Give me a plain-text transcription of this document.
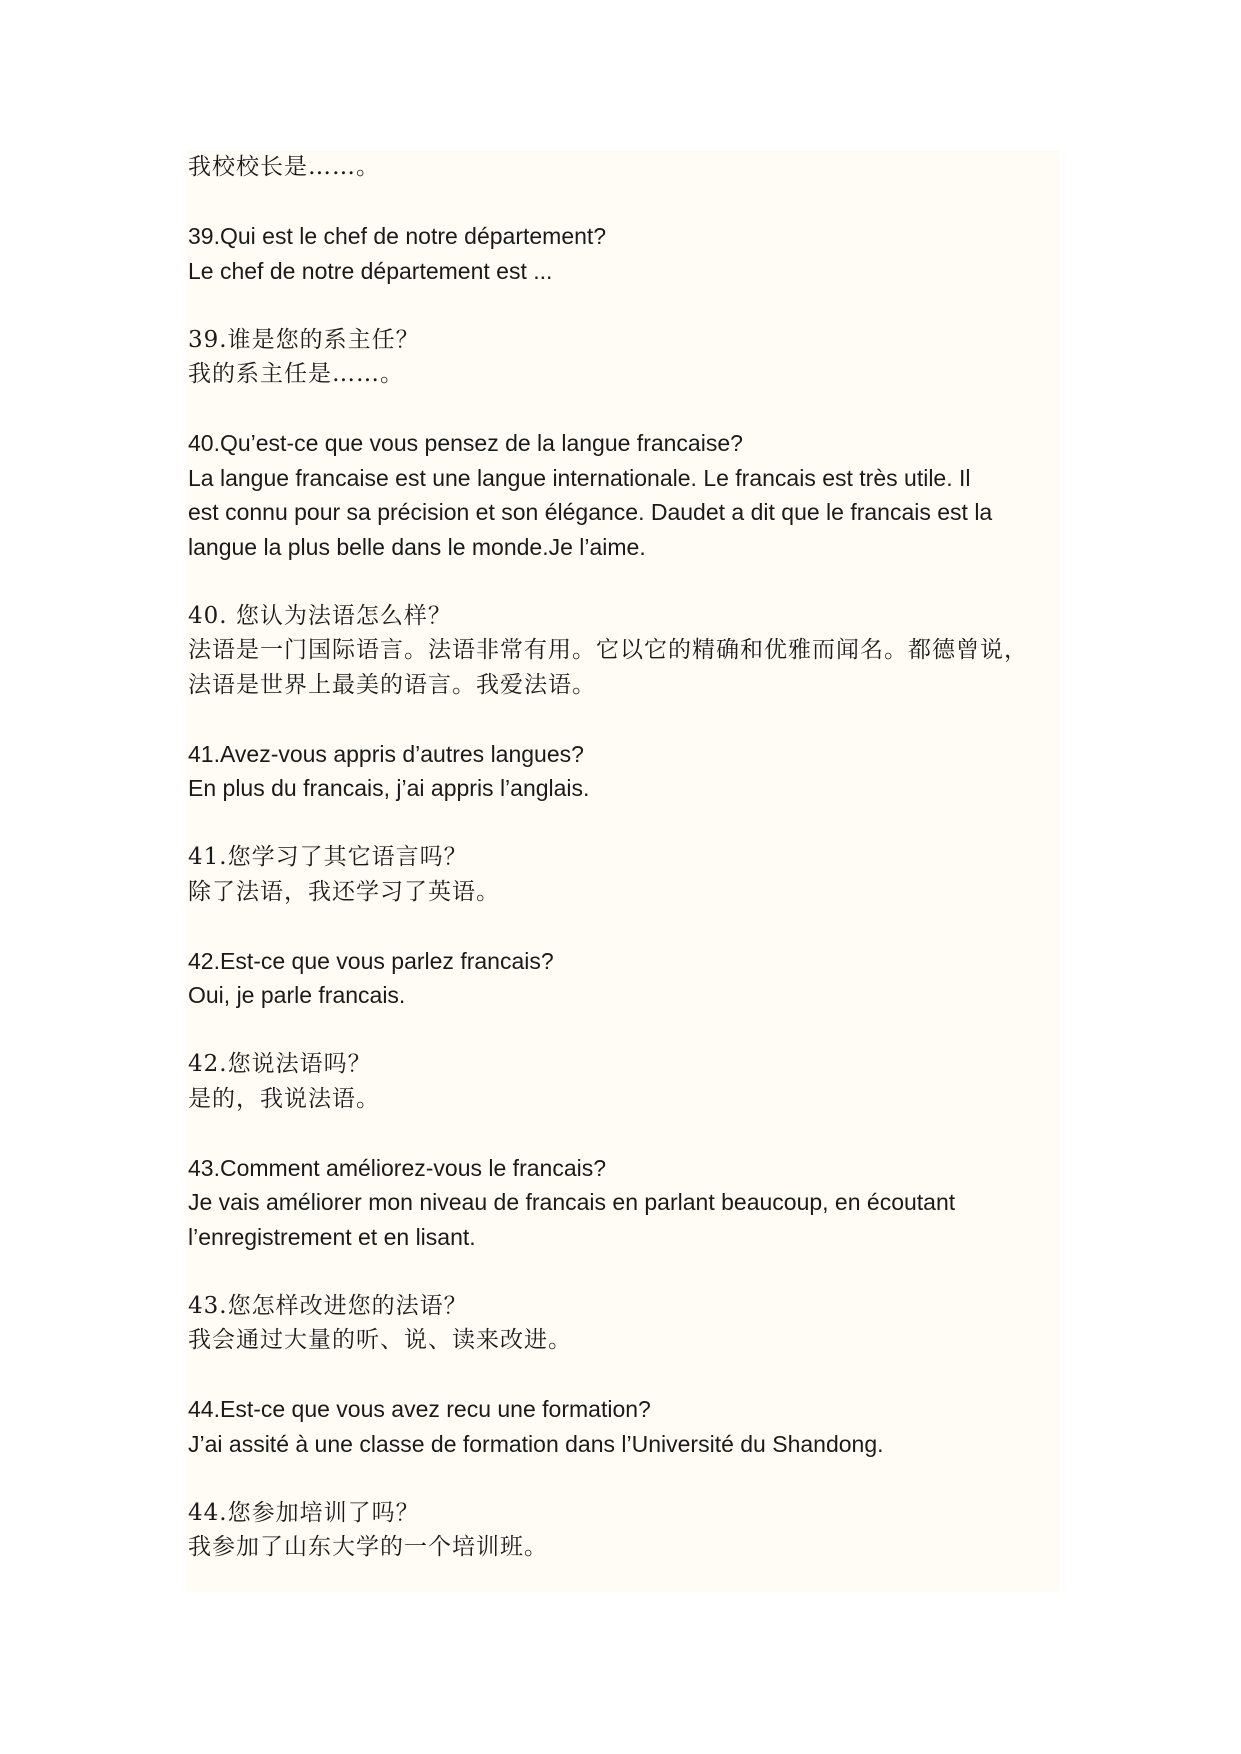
我校校长是……。
39.Qui est le chef de notre département?
Le chef de notre département est ...
39.谁是您的系主任？
我的系主任是……。
40.Qu’est-ce que vous pensez de la langue francaise?
La langue francaise est une langue internationale. Le francais est très utile. Il
est connu pour sa précision et son élégance. Daudet a dit que le francais est la
langue la plus belle dans le monde.Je l’aime.
40. 您认为法语怎么样？
法语是一门国际语言。法语非常有用。它以它的精确和优雅而闻名。都德曾说，
法语是世界上最美的语言。我爱法语。
41.Avez-vous appris d’autres langues?
En plus du francais, j’ai appris l’anglais.
41.您学习了其它语言吗？
除了法语，我还学习了英语。
42.Est-ce que vous parlez francais?
Oui, je parle francais.
42.您说法语吗？
是的，我说法语。
43.Comment améliorez-vous le francais?
Je vais améliorer mon niveau de francais en parlant beaucoup, en écoutant
l’enregistrement et en lisant.
43.您怎样改进您的法语？
我会通过大量的听、说、读来改进。
44.Est-ce que vous avez recu une formation?
J’ai assité à une classe de formation dans l’Université du Shandong.
44.您参加培训了吗？
我参加了山东大学的一个培训班。
